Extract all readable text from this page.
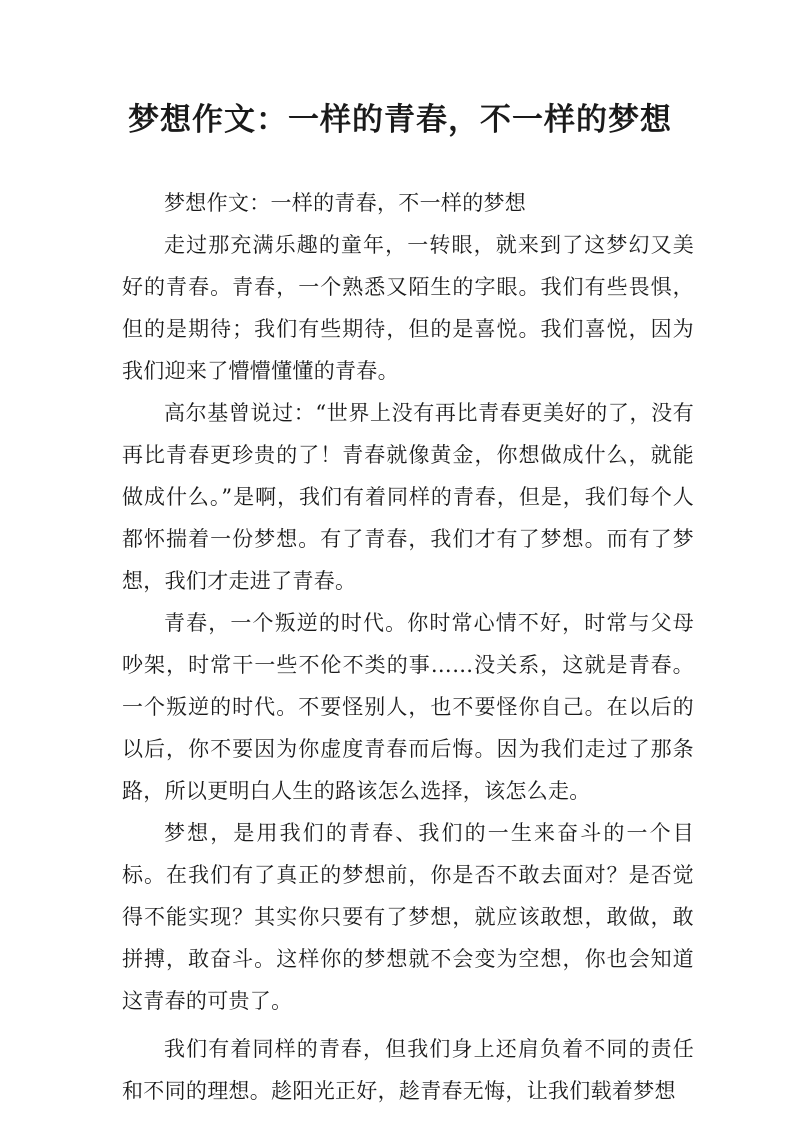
梦想作文：一样的青春，不一样的梦想

梦想作文：一样的青春，不一样的梦想

走过那充满乐趣的童年，一转眼，就来到了这梦幻又美好的青春。青春，一个熟悉又陌生的字眼。我们有些畏惧，但的是期待；我们有些期待，但的是喜悦。我们喜悦，因为我们迎来了懵懵懂懂的青春。

高尔基曾说过：“世界上没有再比青春更美好的了，没有再比青春更珍贵的了！青春就像黄金，你想做成什么，就能做成什么。”是啊，我们有着同样的青春，但是，我们每个人都怀揣着一份梦想。有了青春，我们才有了梦想。而有了梦想，我们才走进了青春。

青春，一个叛逆的时代。你时常心情不好，时常与父母吵架，时常干一些不伦不类的事……没关系，这就是青春。一个叛逆的时代。不要怪别人，也不要怪你自己。在以后的以后，你不要因为你虚度青春而后悔。因为我们走过了那条路，所以更明白人生的路该怎么选择，该怎么走。

梦想，是用我们的青春、我们的一生来奋斗的一个目标。在我们有了真正的梦想前，你是否不敢去面对？是否觉得不能实现？其实你只要有了梦想，就应该敢想，敢做，敢拼搏，敢奋斗。这样你的梦想就不会变为空想，你也会知道这青春的可贵了。

我们有着同样的青春，但我们身上还肩负着不同的责任和不同的理想。趁阳光正好，趁青春无悔，让我们载着梦想
